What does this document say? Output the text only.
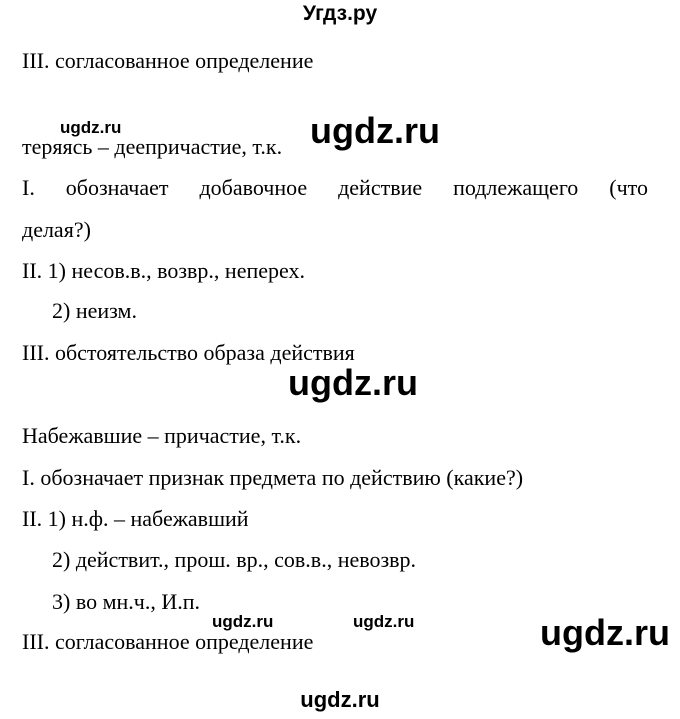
Угдз.ру
III. согласованное определение
ugdz.ru	ugdz.ru
теряясь – деепричастие, т.к.
I. обозначает добавочное действие подлежащего (что
делая?)
II. 1) несов.в., возвр., неперех.
2) неизм.
III. обстоятельство образа действия
ugdz.ru
Набежавшие – причастие, т.к.
I. обозначает признак предмета по действию (какие?)
II. 1) н.ф. – набежавший
2) действит., прош. вр., сов.в., невозвр.
3) во мн.ч., И.п.
ugdz.ru	ugdz.ru	ugdz.ru
III. согласованное определение
ugdz.ru
